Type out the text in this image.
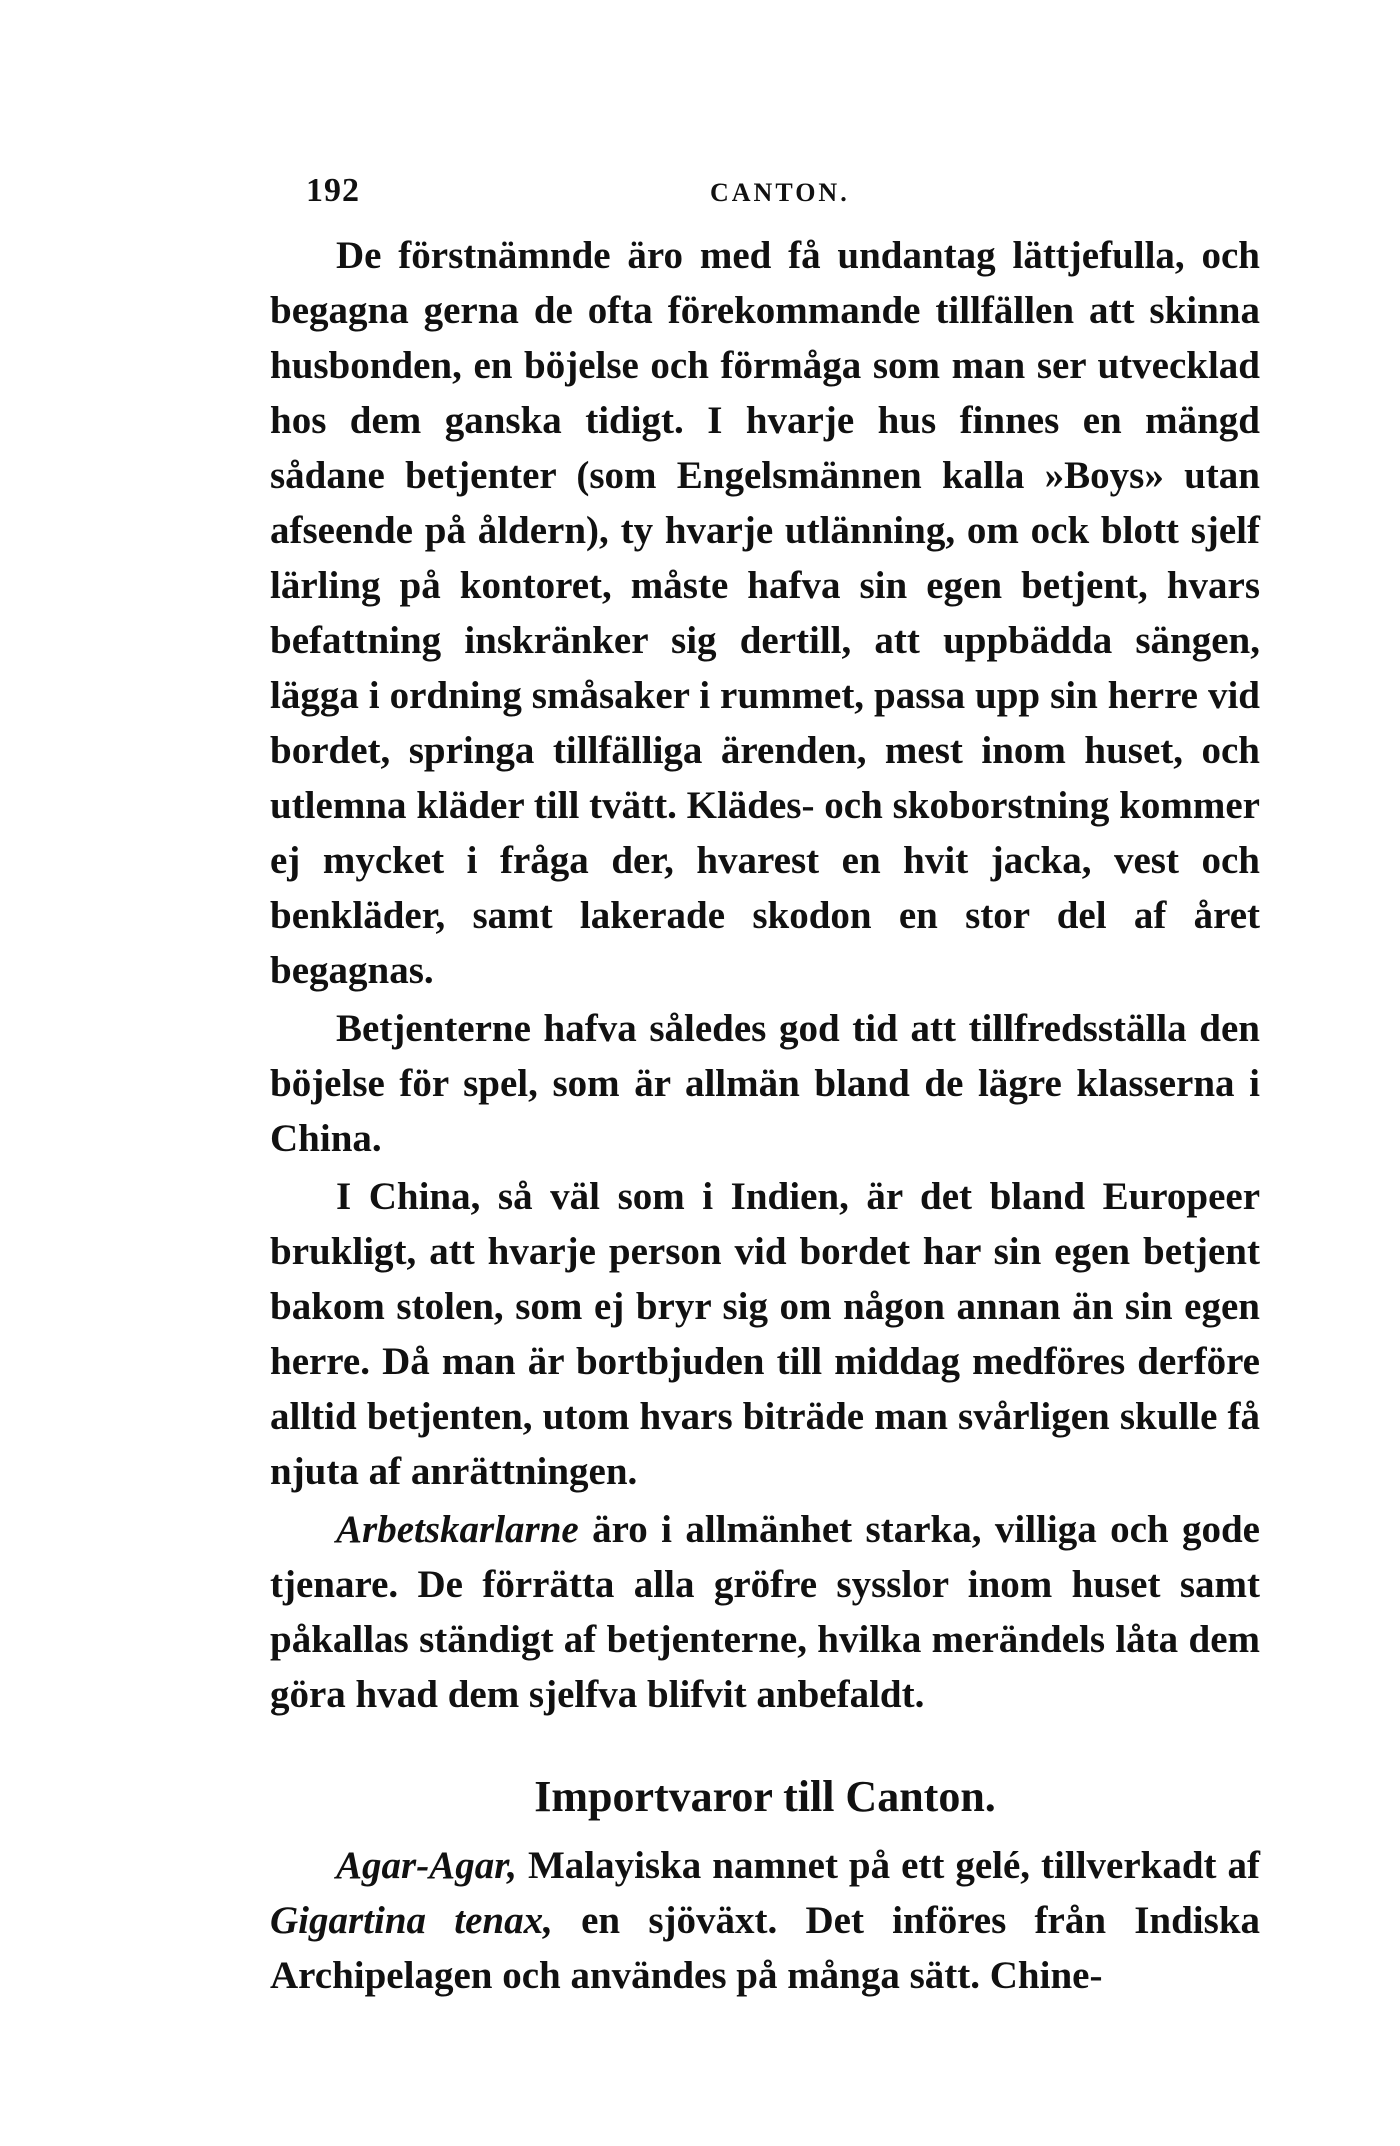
192	CANTON.

De förstnämnde äro med få undantag lättjefulla, och begagna gerna de ofta förekommande tillfällen att skinna husbonden, en böjelse och förmåga som man ser utvecklad hos dem ganska tidigt. I hvarje hus finnes en mängd sådane betjenter (som Engelsmännen kalla »Boys» utan afseende på åldern), ty hvarje utlänning, om ock blott sjelf lärling på kontoret, måste hafva sin egen betjent, hvars befattning inskränker sig dertill, att uppbädda sängen, lägga i ordning småsaker i rummet, passa upp sin herre vid bordet, springa tillfälliga ärenden, mest inom huset, och utlemna kläder till tvätt. Klädes- och skoborstning kommer ej mycket i fråga der, hvarest en hvit jacka, vest och benkläder, samt lakerade skodon en stor del af året begagnas.

Betjenterne hafva således god tid att tillfredsställa den böjelse för spel, som är allmän bland de lägre klasserna i China.

I China, så väl som i Indien, är det bland Europeer brukligt, att hvarje person vid bordet har sin egen betjent bakom stolen, som ej bryr sig om någon annan än sin egen herre. Då man är bortbjuden till middag medföres derföre alltid betjenten, utom hvars biträde man svårligen skulle få njuta af anrättningen.

Arbetskarlarne äro i allmänhet starka, villiga och gode tjenare. De förrätta alla gröfre sysslor inom huset samt påkallas ständigt af betjenterne, hvilka merändels låta dem göra hvad dem sjelfva blifvit anbefaldt.

Importvaror till Canton.

Agar-Agar, Malayiska namnet på ett gelé, tillverkadt af Gigartina tenax, en sjöväxt. Det införes från Indiska Archipelagen och användes på många sätt. Chine-
